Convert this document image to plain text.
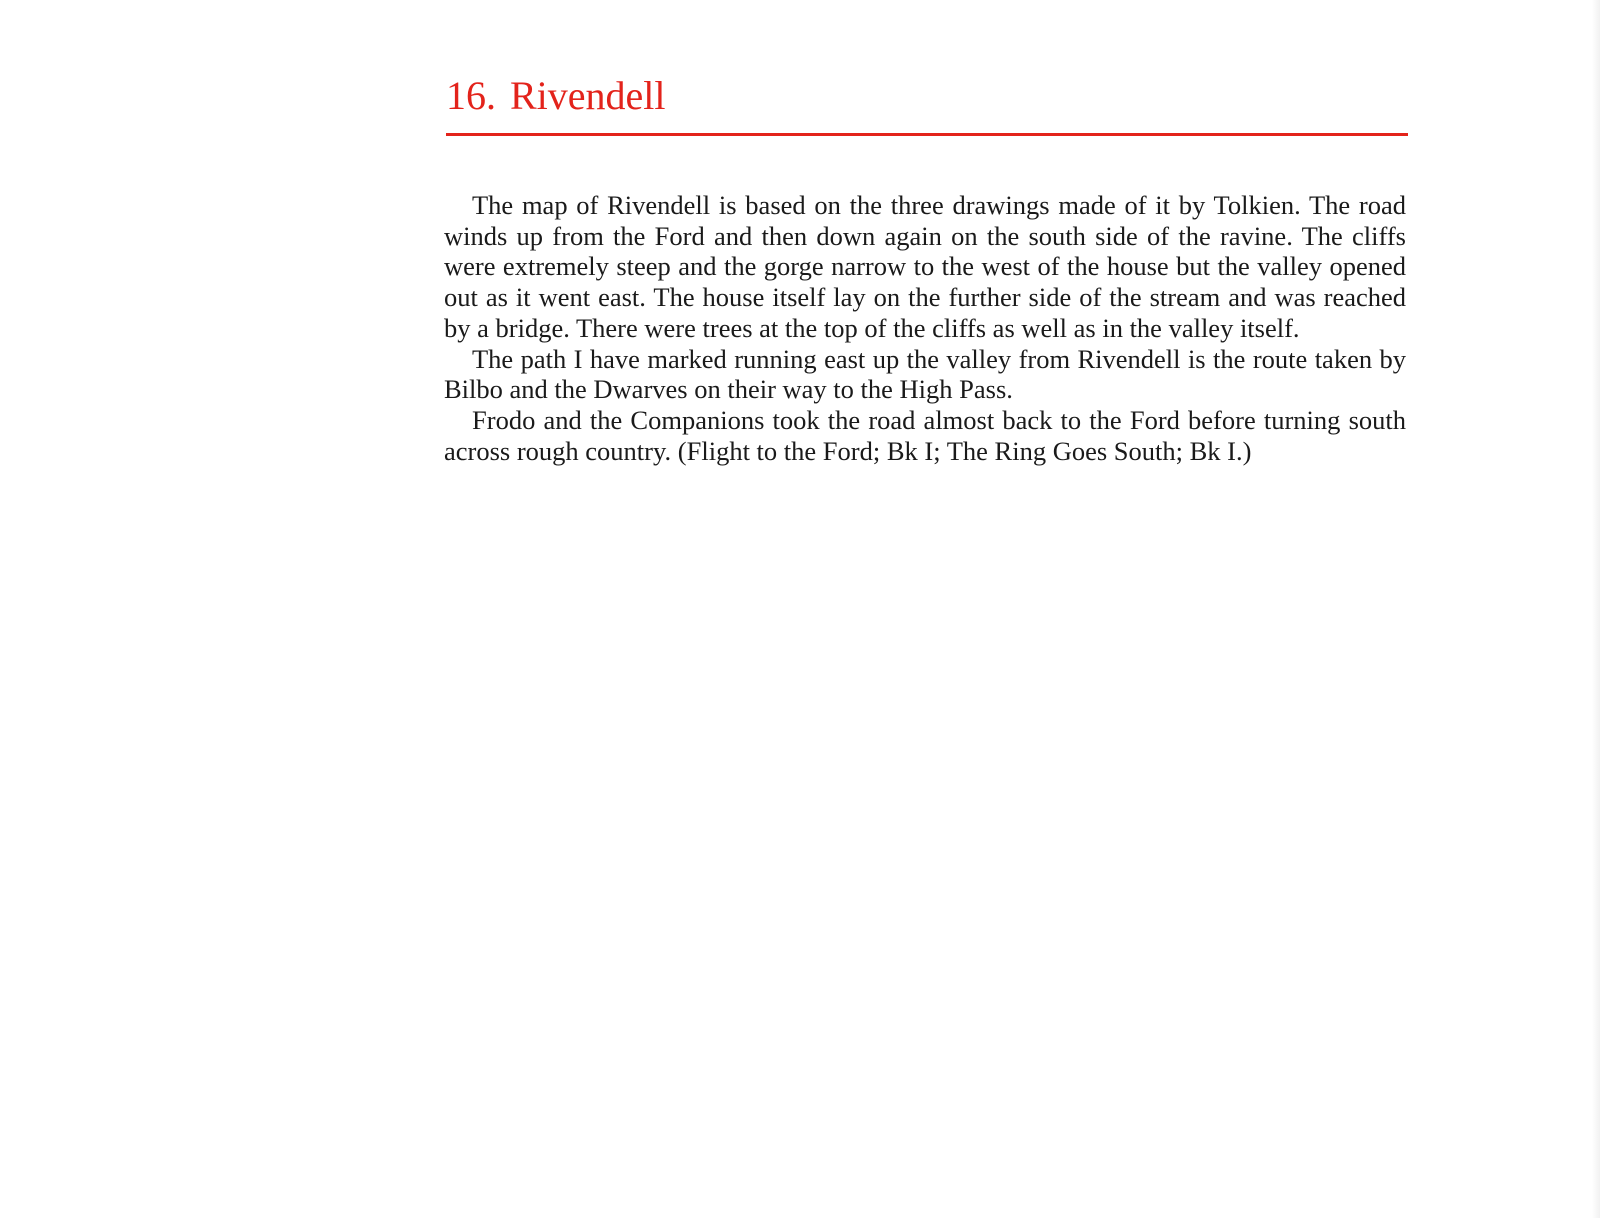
16. Rivendell

The map of Rivendell is based on the three drawings made of it by Tolkien. The road winds up from the Ford and then down again on the south side of the ravine. The cliffs were extremely steep and the gorge narrow to the west of the house but the valley opened out as it went east. The house itself lay on the further side of the stream and was reached by a bridge. There were trees at the top of the cliffs as well as in the valley itself.

The path I have marked running east up the valley from Rivendell is the route taken by Bilbo and the Dwarves on their way to the High Pass.

Frodo and the Companions took the road almost back to the Ford before turning south across rough country. (Flight to the Ford; Bk I; The Ring Goes South; Bk I.)
